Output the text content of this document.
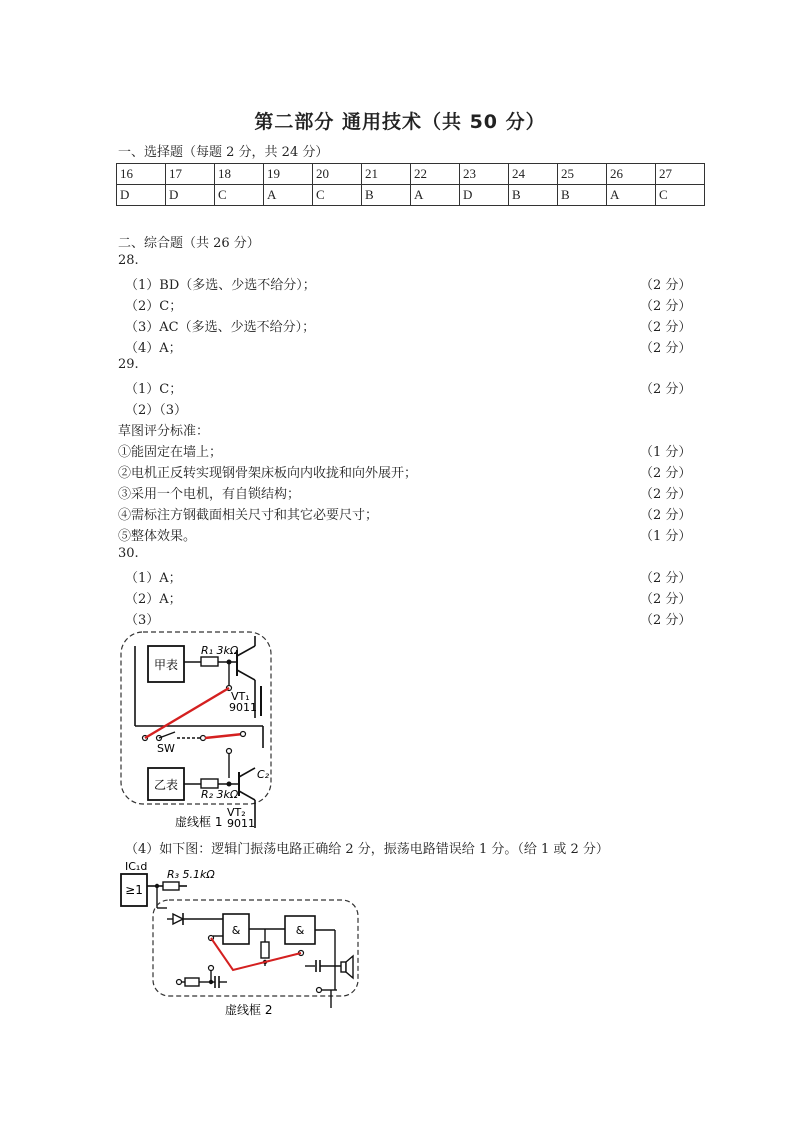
第二部分 通用技术（共 50 分）
一、选择题（每题 2 分，共 24 分）
16	17	18	19	20	21	22	23	24	25	26	27
D	D	C	A	C	B	A	D	B	B	A	C
二、综合题（共 26 分）
28.
（1）BD（多选、少选不给分）；	（2 分）
（2）C；	（2 分）
（3）AC（多选、少选不给分）；	（2 分）
（4）A；	（2 分）
29.
（1）C；	（2 分）
（2）（3）
草图评分标准：
①能固定在墙上；	（1 分）
②电机正反转实现钢骨架床板向内收拢和向外展开；	（2 分）
③采用一个电机，有自锁结构；	（2 分）
④需标注方钢截面相关尺寸和其它必要尺寸；	（2 分）
⑤整体效果。	（1 分）
30.
（1）A；	（2 分）
（2）A；	（2 分）
（3）	（2 分）
甲表
R₁ 3kΩ
VT₁
9011
SW
乙表
R₂ 3kΩ
C₂
VT₂
9011
虚线框 1
（4）如下图：逻辑门振荡电路正确给 2 分，振荡电路错误给 1 分。（给 1 或 2 分）
IC₁d
≥1
R₃ 5.1kΩ
&	&
虚线框 2
